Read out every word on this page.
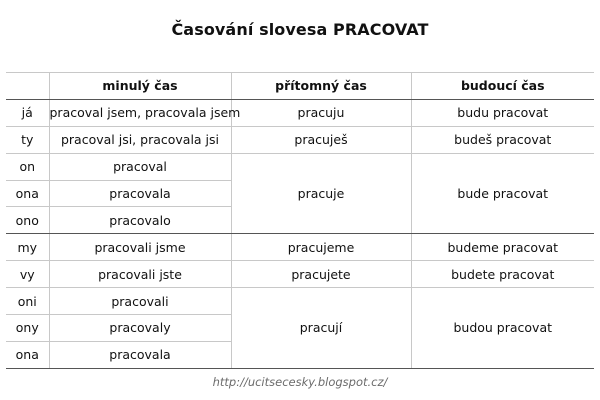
Časování slovesa PRACOVAT
	minulý čas	přítomný čas	budoucí čas
já	pracoval jsem, pracovala jsem	pracuju	budu pracovat
ty	pracoval jsi, pracovala jsi	pracuješ	budeš pracovat
on	pracoval	pracuje	bude pracovat
ona	pracovala		
ono	pracovalo		
my	pracovali jsme	pracujeme	budeme pracovat
vy	pracovali jste	pracujete	budete pracovat
oni	pracovali	pracují	budou pracovat
ony	pracovaly		
ona	pracovala		
http://ucitsecesky.blogspot.cz/
